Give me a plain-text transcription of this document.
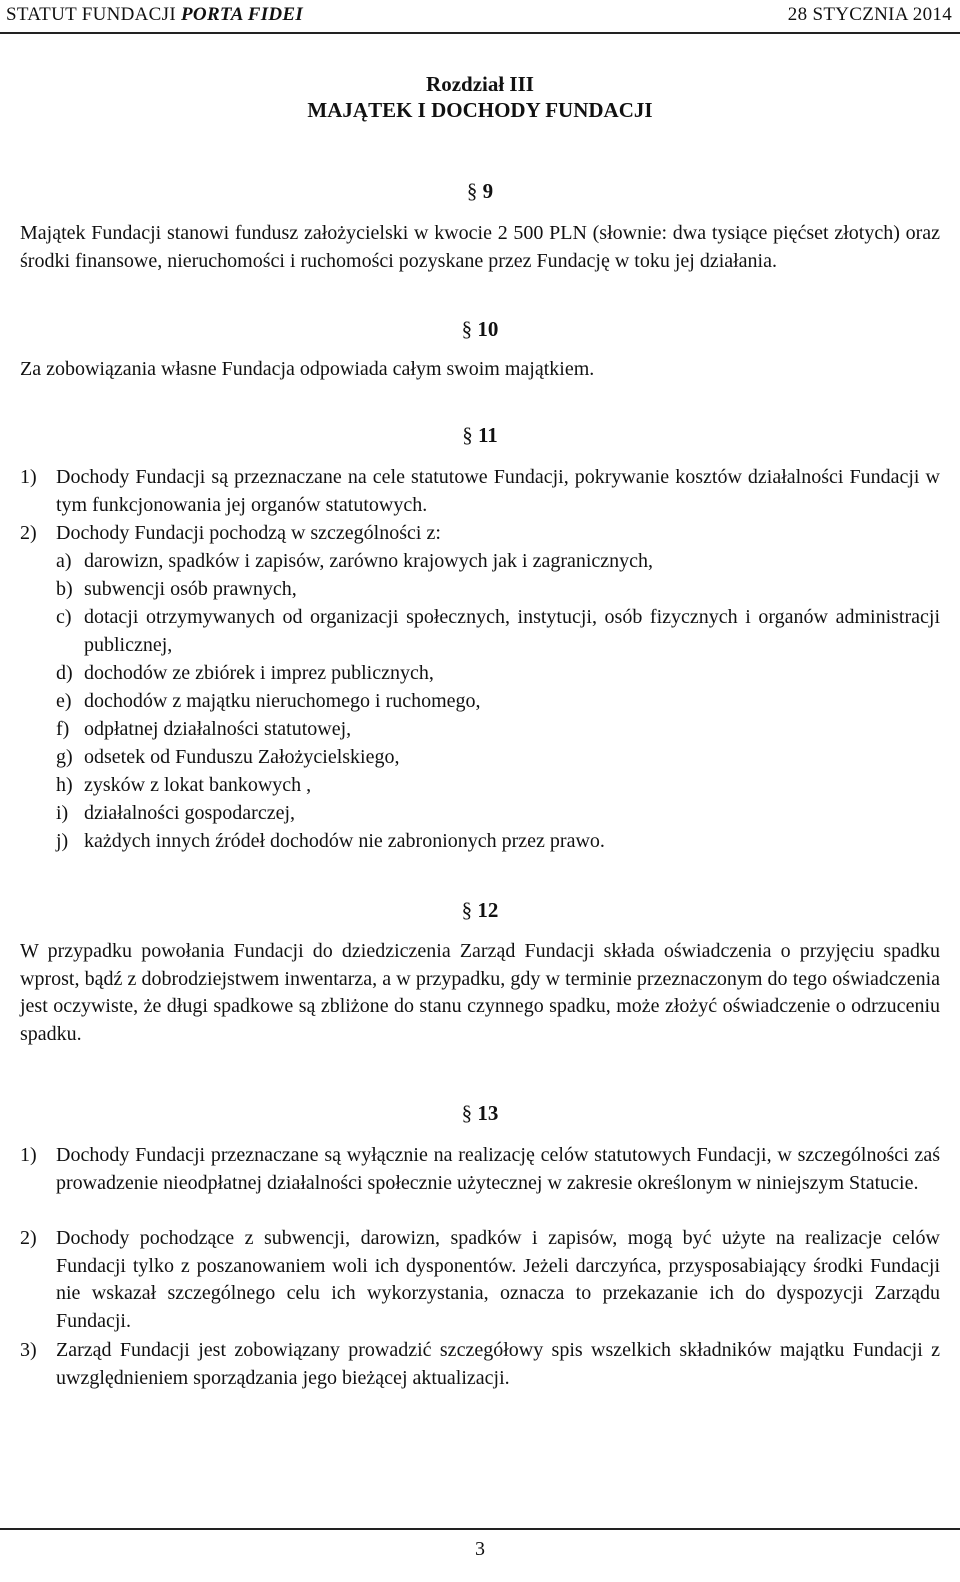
STATUT FUNDACJI PORTA FIDEI	28 STYCZNIA 2014
Rozdział III
MAJĄTEK I DOCHODY FUNDACJI
§ 9
Majątek Fundacji stanowi fundusz założycielski w kwocie 2 500 PLN (słownie: dwa tysiące pięćset złotych) oraz środki finansowe, nieruchomości i ruchomości pozyskane przez Fundację w toku jej działania.
§ 10
Za zobowiązania własne Fundacja odpowiada całym swoim majątkiem.
§ 11
1) Dochody Fundacji są przeznaczane na cele statutowe Fundacji, pokrywanie kosztów działalności Fundacji w tym funkcjonowania jej organów statutowych.
2) Dochody Fundacji pochodzą w szczególności z:
a) darowizn, spadków i zapisów, zarówno krajowych jak i zagranicznych,
b) subwencji osób prawnych,
c) dotacji otrzymywanych od organizacji społecznych, instytucji, osób fizycznych i organów administracji publicznej,
d) dochodów ze zbiórek i imprez publicznych,
e) dochodów z majątku nieruchomego i ruchomego,
f) odpłatnej działalności statutowej,
g) odsetek od Funduszu Założycielskiego,
h) zysków z lokat bankowych ,
i) działalności gospodarczej,
j) każdych innych źródeł dochodów nie zabronionych przez prawo.
§ 12
W przypadku powołania Fundacji do dziedziczenia Zarząd Fundacji składa oświadczenia o przyjęciu spadku wprost, bądź z dobrodziejstwem inwentarza, a w przypadku, gdy w terminie przeznaczonym do tego oświadczenia jest oczywiste, że długi spadkowe są zbliżone do stanu czynnego spadku, może złożyć oświadczenie o odrzuceniu spadku.
§ 13
1) Dochody Fundacji przeznaczane są wyłącznie na realizację celów statutowych Fundacji, w szczególności zaś prowadzenie nieodpłatnej działalności społecznie użytecznej w zakresie określonym w niniejszym Statucie.
2) Dochody pochodzące z subwencji, darowizn, spadków i zapisów, mogą być użyte na realizacje celów Fundacji tylko z poszanowaniem woli ich dysponentów. Jeżeli darczyńca, przysposabiający środki Fundacji nie wskazał szczególnego celu ich wykorzystania, oznacza to przekazanie ich do dyspozycji Zarządu Fundacji.
3) Zarząd Fundacji jest zobowiązany prowadzić szczegółowy spis wszelkich składników majątku Fundacji z uwzględnieniem sporządzania jego bieżącej aktualizacji.
3
